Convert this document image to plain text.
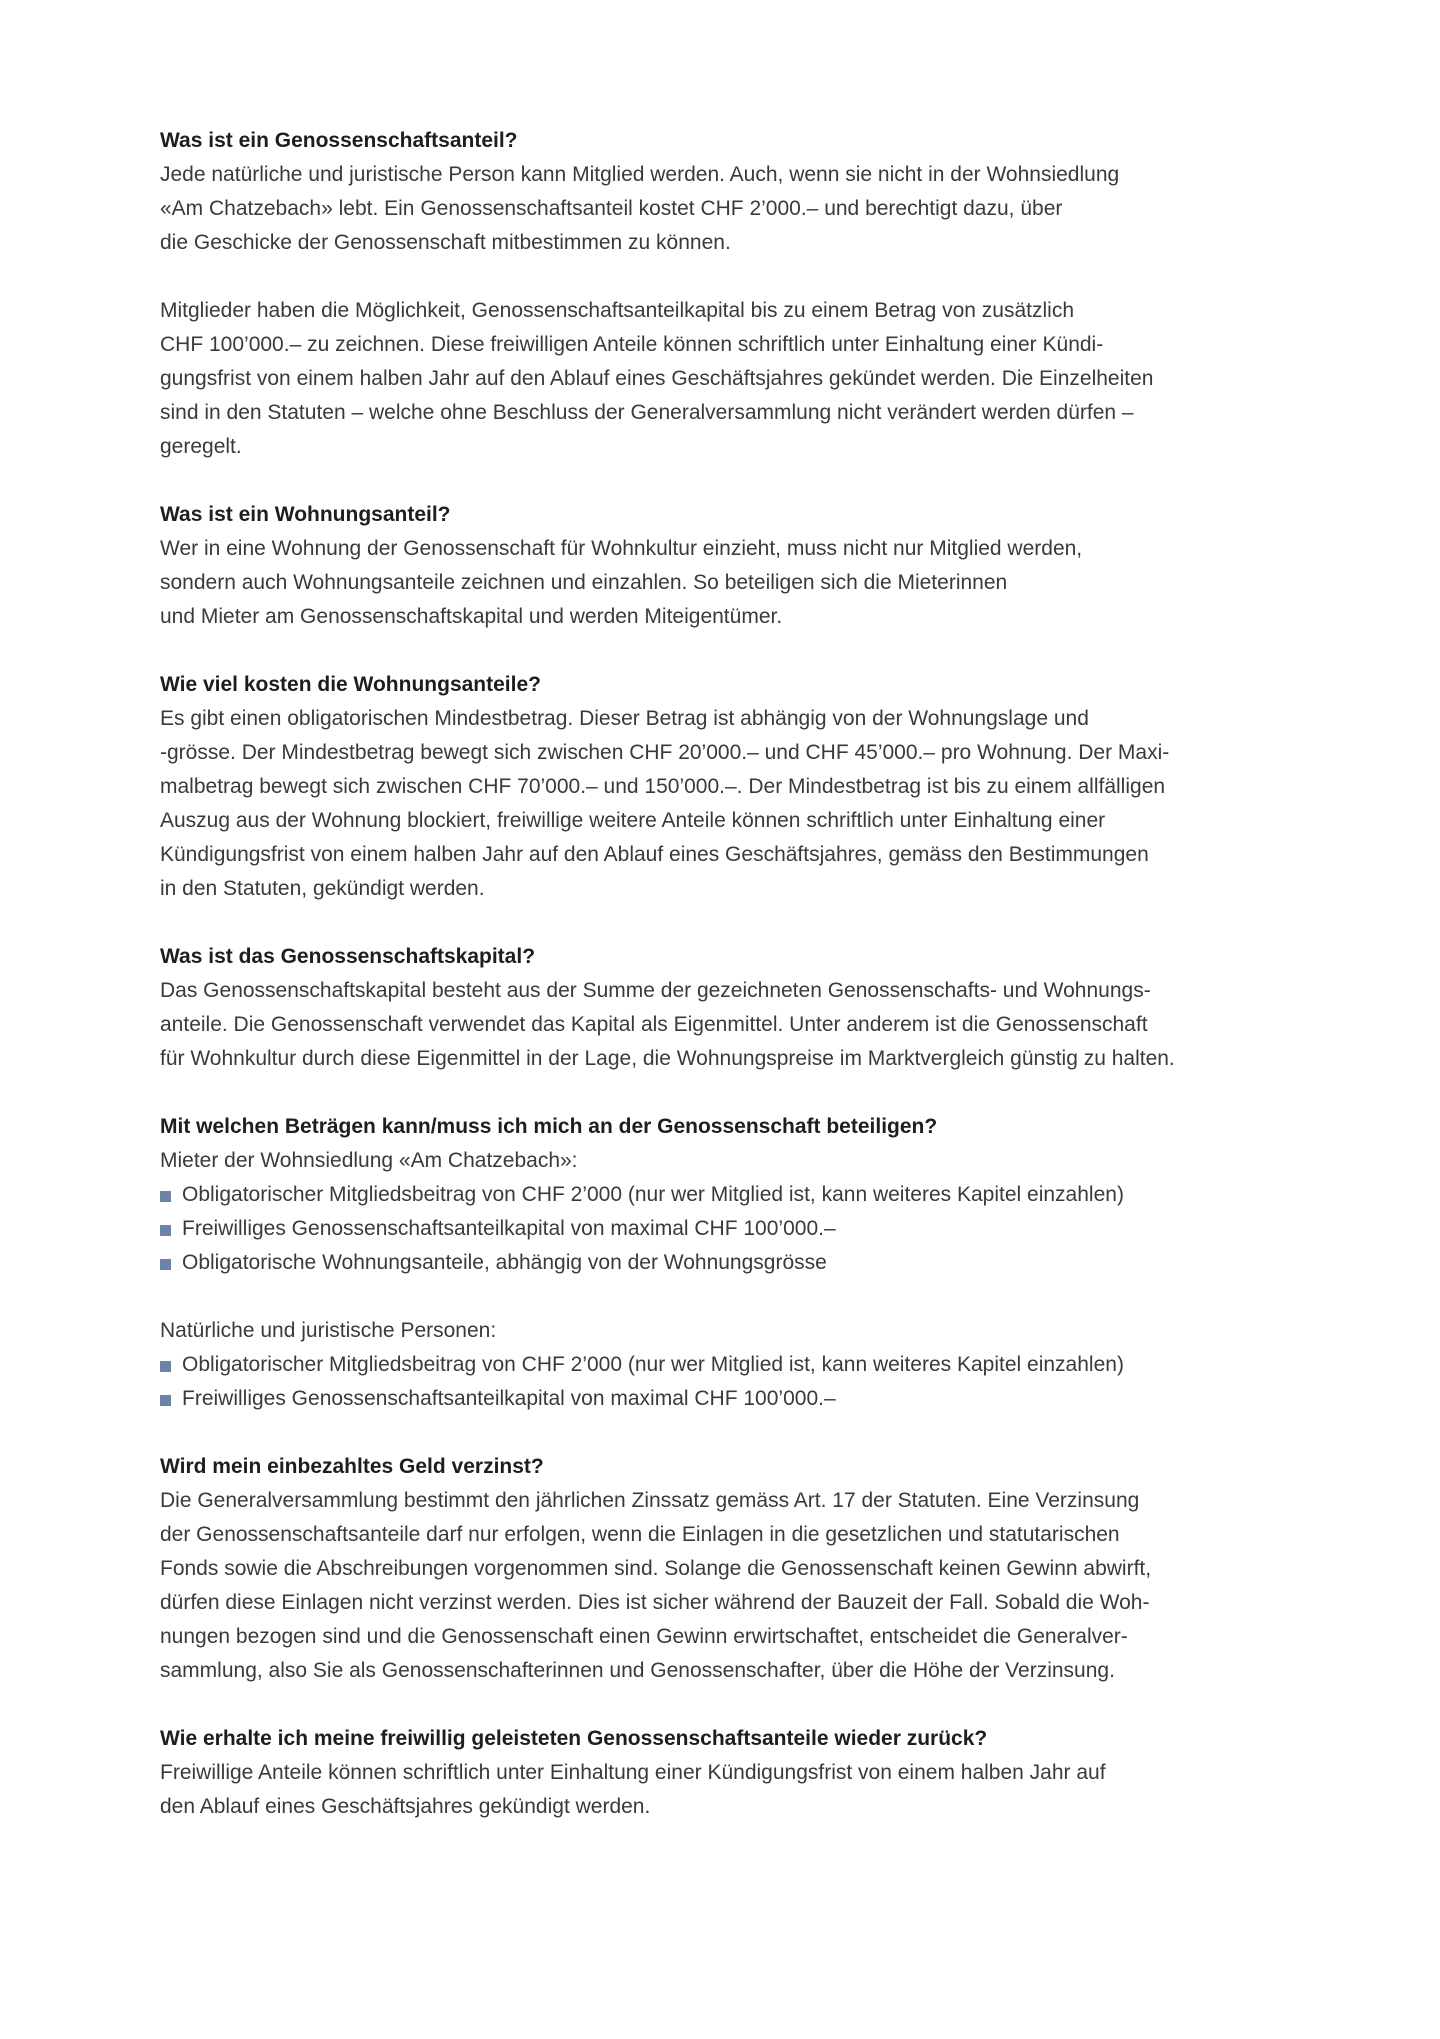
Was ist ein Genossenschaftsanteil?

Jede natürliche und juristische Person kann Mitglied werden. Auch, wenn sie nicht in der Wohnsiedlung
«Am Chatzebach» lebt. Ein Genossenschaftsanteil kostet CHF 2’000.– und berechtigt dazu, über
die Geschicke der Genossenschaft mitbestimmen zu können.

Mitglieder haben die Möglichkeit, Genossenschaftsanteilkapital bis zu einem Betrag von zusätzlich
CHF 100’000.– zu zeichnen. Diese freiwilligen Anteile können schriftlich unter Einhaltung einer Kündi-
gungsfrist von einem halben Jahr auf den Ablauf eines Geschäftsjahres gekündet werden. Die Einzelheiten
sind in den Statuten – welche ohne Beschluss der Generalversammlung nicht verändert werden dürfen –
geregelt.

Was ist ein Wohnungsanteil?

Wer in eine Wohnung der Genossenschaft für Wohnkultur einzieht, muss nicht nur Mitglied werden,
sondern auch Wohnungsanteile zeichnen und einzahlen. So beteiligen sich die Mieterinnen
und Mieter am Genossenschaftskapital und werden Miteigentümer.

Wie viel kosten die Wohnungsanteile?

Es gibt einen obligatorischen Mindestbetrag. Dieser Betrag ist abhängig von der Wohnungslage und
-grösse. Der Mindestbetrag bewegt sich zwischen CHF 20’000.– und CHF 45’000.– pro Wohnung. Der Maxi-
malbetrag bewegt sich zwischen CHF 70’000.– und 150’000.–. Der Mindestbetrag ist bis zu einem allfälligen
Auszug aus der Wohnung blockiert, freiwillige weitere Anteile können schriftlich unter Einhaltung einer
Kündigungsfrist von einem halben Jahr auf den Ablauf eines Geschäftsjahres, gemäss den Bestimmungen
in den Statuten, gekündigt werden.

Was ist das Genossenschaftskapital?

Das Genossenschaftskapital besteht aus der Summe der gezeichneten Genossenschafts- und Wohnungs-
anteile. Die Genossenschaft verwendet das Kapital als Eigenmittel. Unter anderem ist die Genossenschaft
für Wohnkultur durch diese Eigenmittel in der Lage, die Wohnungspreise im Marktvergleich günstig zu halten.

Mit welchen Beträgen kann/muss ich mich an der Genossenschaft beteiligen?

Mieter der Wohnsiedlung «Am Chatzebach»:

Obligatorischer Mitgliedsbeitrag von CHF 2’000 (nur wer Mitglied ist, kann weiteres Kapitel einzahlen)
Freiwilliges Genossenschaftsanteilkapital von maximal CHF 100’000.–
Obligatorische Wohnungsanteile, abhängig von der Wohnungsgrösse

Natürliche und juristische Personen:

Obligatorischer Mitgliedsbeitrag von CHF 2’000 (nur wer Mitglied ist, kann weiteres Kapitel einzahlen)
Freiwilliges Genossenschaftsanteilkapital von maximal CHF 100’000.–
Wird mein einbezahltes Geld verzinst?

Die Generalversammlung bestimmt den jährlichen Zinssatz gemäss Art. 17 der Statuten. Eine Verzinsung
der Genossenschaftsanteile darf nur erfolgen, wenn die Einlagen in die gesetzlichen und statutarischen
Fonds sowie die Abschreibungen vorgenommen sind. Solange die Genossenschaft keinen Gewinn abwirft,
dürfen diese Einlagen nicht verzinst werden. Dies ist sicher während der Bauzeit der Fall. Sobald die Woh-
nungen bezogen sind und die Genossenschaft einen Gewinn erwirtschaftet, entscheidet die Generalver-
sammlung, also Sie als Genossenschafterinnen und Genossenschafter, über die Höhe der Verzinsung.

Wie erhalte ich meine freiwillig geleisteten Genossenschaftsanteile wieder zurück?

Freiwillige Anteile können schriftlich unter Einhaltung einer Kündigungsfrist von einem halben Jahr auf
den Ablauf eines Geschäftsjahres gekündigt werden.
